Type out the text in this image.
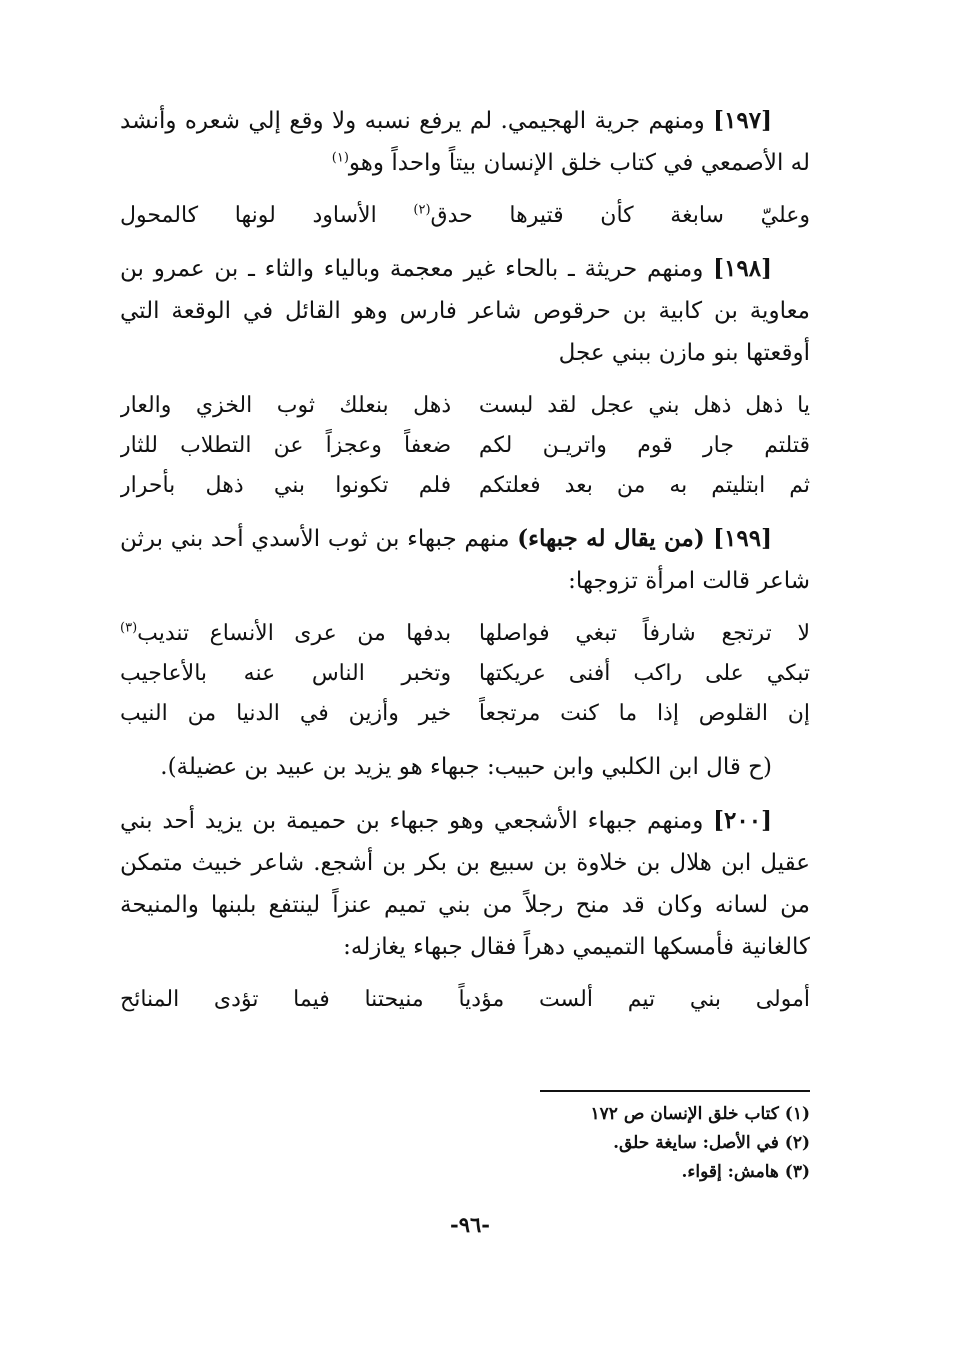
[١٩٧] ومنهم جرية الهجيمي. لم يرفع نسبه ولا وقع إلي شعره وأنشد له الأصمعي في كتاب خلق الإنسان بيتاً واحداً وهو$^{(١)}$

وعليّ سابغة كأن قتيرها حدق$^{(٢)}$ الأساود لونها كالمحول

[١٩٨] ومنهم حريثة ـ بالحاء غير معجمة وبالياء والثاء ـ بن عمرو بن معاوية بن كابية بن حرقوص شاعر فارس وهو القائل في الوقعة التي أوقعتها بنو مازن ببني عجل

يا ذهل ذهل بني عجل لقد لبست
ذهل بنعلك ثوب الخزي والعار
قتلتم جار قوم واتريـن لكم
ضعفاً وعجزاً عن التطلاب للثار
ثم ابتليتم به من بعد فعلتكم
فلم تكونوا بني ذهل بأحرار

[١٩٩] (من يقال له جبهاء) منهم جبهاء بن ثوب الأسدي أحد بني برثن شاعر قالت امرأة تزوجها:

لا ترتجع شارفاً تبغي فواصلها
بدفها من عرى الأنساع تنديب$^{(٣)}$
تبكي على راكب أفنى عريكتها
وتخبر الناس عنه بالأعاجيب
إن القلوص إذا ما كنت مرتجعاً
خير وأزين في الدنيا من النيب

(ح قال ابن الكلبي وابن حبيب: جبهاء هو يزيد بن عبيد بن عضيلة).

[٢٠٠] ومنهم جبهاء الأشجعي وهو جبهاء بن حميمة بن يزيد أحد بني عقيل ابن هلال بن خلاوة بن سبيع بن بكر بن أشجع. شاعر خبيث متمكن من لسانه وكان قد منح رجلاً من بني تميم عنزاً لينتفع بلبنها والمنيحة كالغانية فأمسكها التميمي دهراً فقال جبهاء يغازله:

أمولى بني تيم ألست مؤدياً منيحتنا فيما تؤدى المنائح
(١) كتاب خلق الإنسان ص ١٧٢
(٢) في الأصل: سايغة حلق.
(٣) هامش: إقواء.
-٩٦-
